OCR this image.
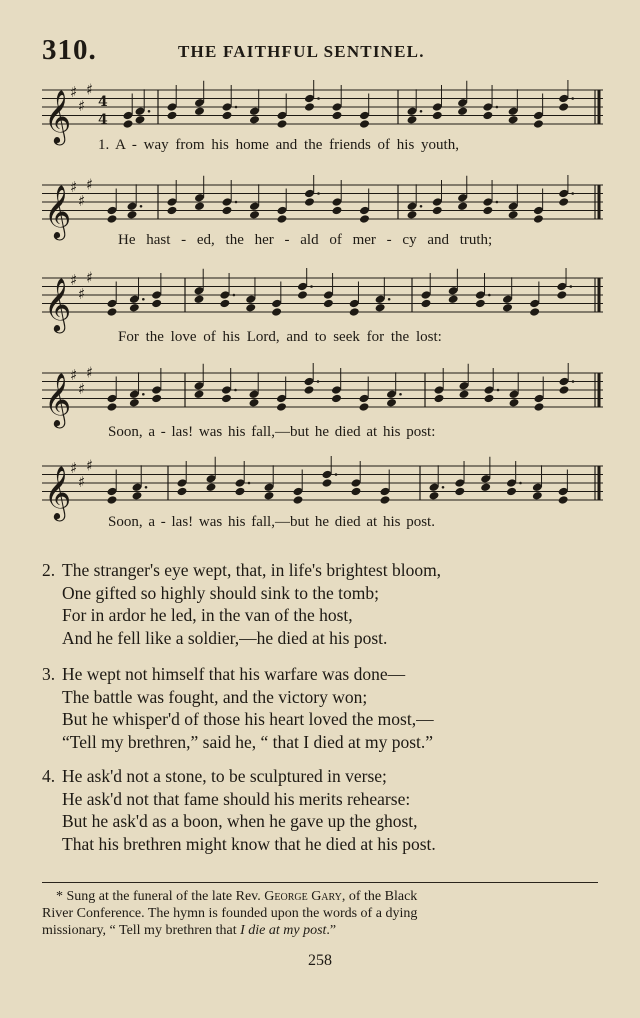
310.	THE FAITHFUL SENTINEL.
𝄞
♯
♯
♯
4
4
1. A - way from his home and the friends of his youth,
𝄞
♯
♯
♯
He hast - ed, the her - ald of mer - cy and truth;
𝄞
♯
♯
♯
For the love of his Lord, and to seek for the lost:
𝄞
♯
♯
♯
Soon, a - las! was his fall,—but he died at his post:
𝄞
♯
♯
♯
Soon, a - las! was his fall,—but he died at his post.
2. The stranger's eye wept, that, in life's brightest bloom,
One gifted so highly should sink to the tomb;
For in ardor he led, in the van of the host,
And he fell like a soldier,—he died at his post.
3. He wept not himself that his warfare was done—
The battle was fought, and the victory won;
But he whisper'd of those his heart loved the most,—
“Tell my brethren,” said he, “ that I died at my post.”
4. He ask'd not a stone, to be sculptured in verse;
He ask'd not that fame should his merits rehearse:
But he ask'd as a boon, when he gave up the ghost,
That his brethren might know that he died at his post.
* Sung at the funeral of the late Rev. George Gary, of the Black
River Conference. The hymn is founded upon the words of a dying
missionary, “ Tell my brethren that I die at my post.”
258
